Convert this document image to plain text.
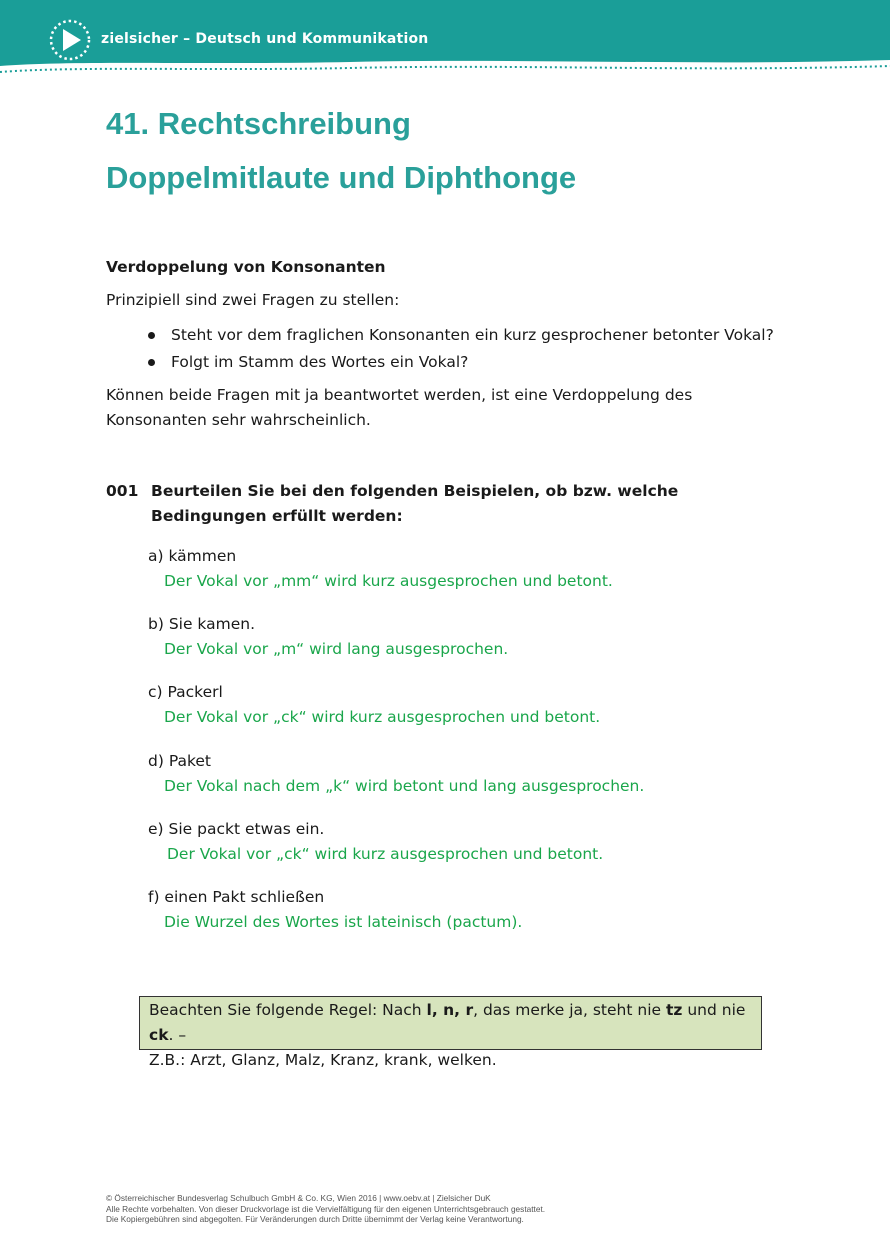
zielsicher – Deutsch und Kommunikation
41. Rechtschreibung
Doppelmitlaute und Diphthonge
Verdoppelung von Konsonanten
Prinzipiell sind zwei Fragen zu stellen:
Steht vor dem fraglichen Konsonanten ein kurz gesprochener betonter Vokal?
Folgt im Stamm des Wortes ein Vokal?
Können beide Fragen mit ja beantwortet werden, ist eine Verdoppelung des Konsonanten sehr wahrscheinlich.
001 Beurteilen Sie bei den folgenden Beispielen, ob bzw. welche Bedingungen erfüllt werden:
a) kämmen
Der Vokal vor „mm“ wird kurz ausgesprochen und betont.
b) Sie kamen.
Der Vokal vor „m“ wird lang ausgesprochen.
c) Packerl
Der Vokal vor „ck“ wird kurz ausgesprochen und betont.
d) Paket
Der Vokal nach dem „k“ wird betont und lang ausgesprochen.
e) Sie packt etwas ein.
Der Vokal vor „ck“ wird kurz ausgesprochen und betont.
f) einen Pakt schließen
Die Wurzel des Wortes ist lateinisch (pactum).
Beachten Sie folgende Regel: Nach l, n, r, das merke ja, steht nie tz und nie ck. –
Z.B.: Arzt, Glanz, Malz, Kranz, krank, welken.
© Österreichischer Bundesverlag Schulbuch GmbH & Co. KG, Wien 2016 | www.oebv.at | Zielsicher DuK
Alle Rechte vorbehalten. Von dieser Druckvorlage ist die Vervielfältigung für den eigenen Unterrichtsgebrauch gestattet.
Die Kopiergebühren sind abgegolten. Für Veränderungen durch Dritte übernimmt der Verlag keine Verantwortung.
